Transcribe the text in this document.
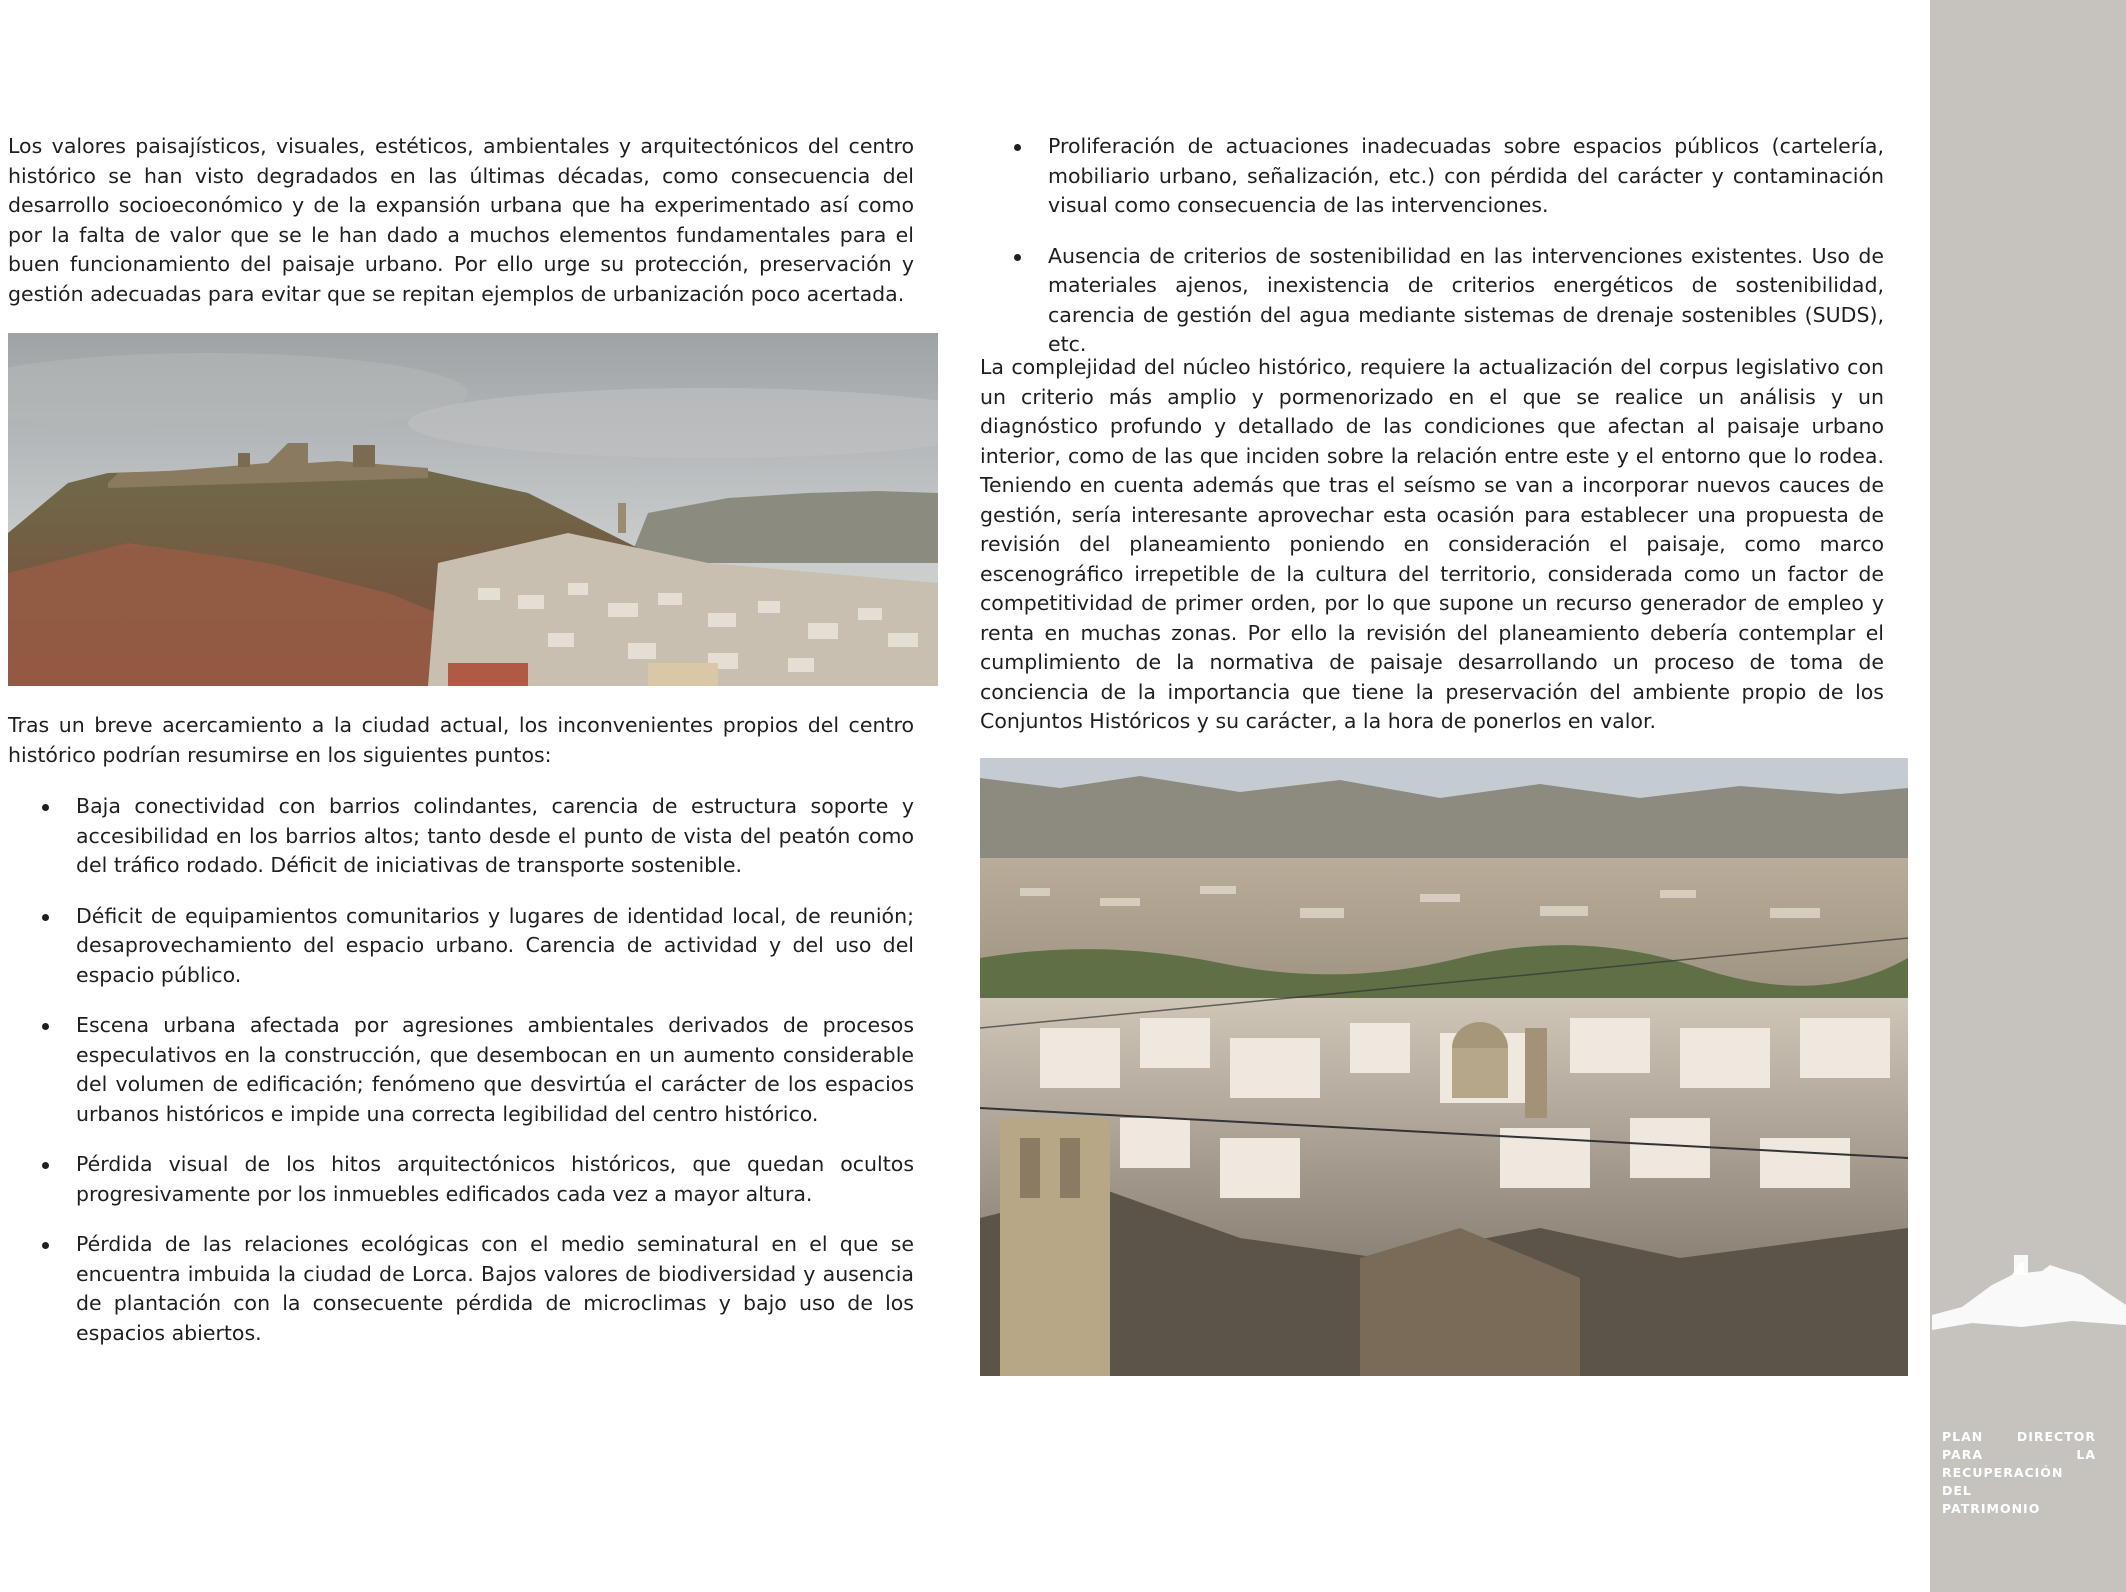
Los valores paisajísticos, visuales, estéticos, ambientales y arquitectónicos del centro histórico se han visto degradados en las últimas décadas, como consecuencia del desarrollo socioeconómico y de la expansión urbana que ha experimentado así como por la falta de valor que se le han dado a muchos elementos fundamentales para el buen funcionamiento del paisaje urbano. Por ello urge su protección, preservación y gestión adecuadas para evitar que se repitan ejemplos de urbanización poco acertada.

Tras un breve acercamiento a la ciudad actual, los inconvenientes propios del centro histórico podrían resumirse en los siguientes puntos:

Baja conectividad con barrios colindantes, carencia de estructura soporte y accesibilidad en los barrios altos; tanto desde el punto de vista del peatón como del tráfico rodado. Déficit de iniciativas de transporte sostenible.
Déficit de equipamientos comunitarios y lugares de identidad local, de reunión; desaprovechamiento del espacio urbano. Carencia de actividad y del uso del espacio público.
Escena urbana afectada por agresiones ambientales derivados de procesos especulativos en la construcción, que desembocan en un aumento considerable del volumen de edificación; fenómeno que desvirtúa el carácter de los espacios urbanos históricos e impide una correcta legibilidad del centro histórico.
Pérdida visual de los hitos arquitectónicos históricos, que quedan ocultos progresivamente por los inmuebles edificados cada vez a mayor altura.
Pérdida de las relaciones ecológicas con el medio seminatural en el que se encuentra imbuida la ciudad de Lorca. Bajos valores de biodiversidad y ausencia de plantación con la consecuente pérdida de microclimas y bajo uso de los espacios abiertos.
Proliferación de actuaciones inadecuadas sobre espacios públicos (cartelería, mobiliario urbano, señalización, etc.) con pérdida del carácter y contaminación visual como consecuencia de las intervenciones.
Ausencia de criterios de sostenibilidad en las intervenciones existentes. Uso de materiales ajenos, inexistencia de criterios energéticos de sostenibilidad, carencia de gestión del agua mediante sistemas de drenaje sostenibles (SUDS), etc.

La complejidad del núcleo histórico, requiere la actualización del corpus legislativo con un criterio más amplio y pormenorizado en el que se realice un análisis y un diagnóstico profundo y detallado de las condiciones que afectan al paisaje urbano interior, como de las que inciden sobre la relación entre este y el entorno que lo rodea. Teniendo en cuenta además que tras el seísmo se van a incorporar nuevos cauces de gestión, sería interesante aprovechar esta ocasión para establecer una propuesta de revisión del planeamiento poniendo en consideración el paisaje, como marco escenográfico irrepetible de la cultura del territorio, considerada como un factor de competitividad de primer orden, por lo que supone un recurso generador de empleo y renta en muchas zonas. Por ello la revisión del planeamiento debería contemplar el cumplimiento de la normativa de paisaje desarrollando un proceso de toma de conciencia de la importancia que tiene la preservación del ambiente propio de los Conjuntos Históricos y su carácter, a la hora de ponerlos en valor.

PLAN DIRECTOR
PARA LA
RECUPERACIÓN DEL
PATRIMONIO
